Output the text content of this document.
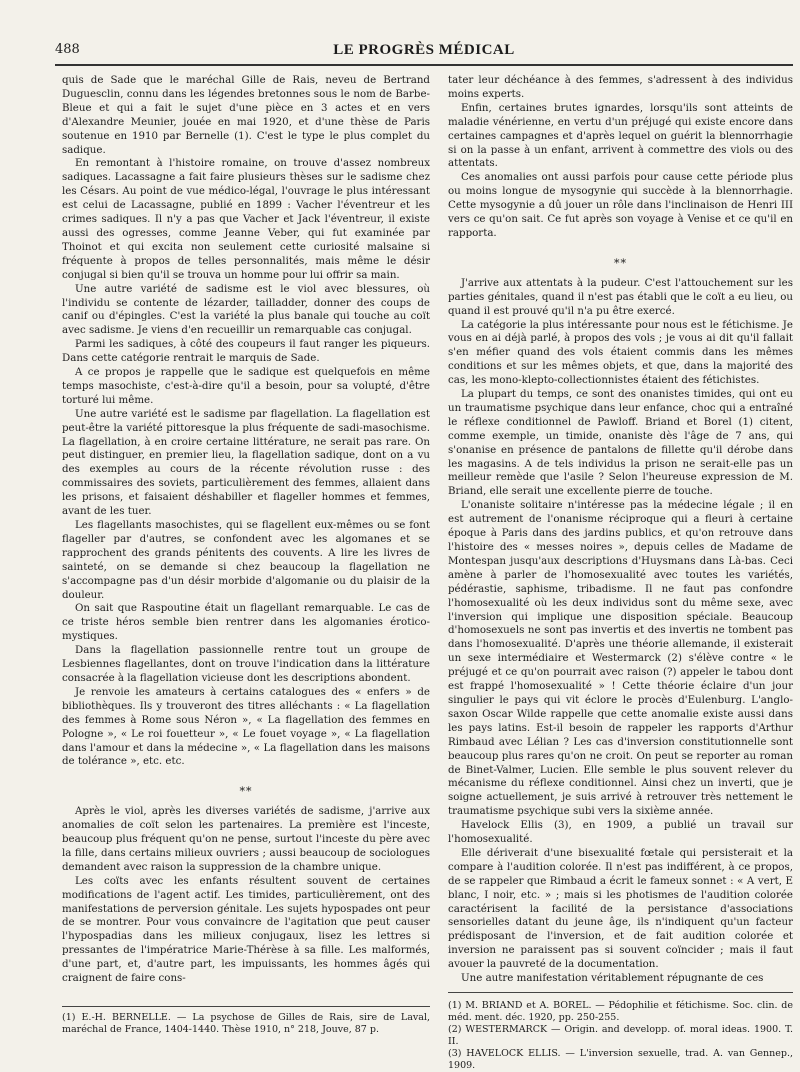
488	LE PROGRÈS MÉDICAL

quis de Sade que le maréchal Gille de Rais, neveu de Bertrand Duguesclin, connu dans les légendes bretonnes sous le nom de Barbe-Bleue et qui a fait le sujet d'une pièce en 3 actes et en vers d'Alexandre Meunier, jouée en mai 1920, et d'une thèse de Paris soutenue en 1910 par Bernelle (1). C'est le type le plus complet du sadique.

En remontant à l'histoire romaine, on trouve d'assez nombreux sadiques. Lacassagne a fait faire plusieurs thèses sur le sadisme chez les Césars. Au point de vue médico-légal, l'ouvrage le plus intéressant est celui de Lacassagne, publié en 1899 : Vacher l'éventreur et les crimes sadiques. Il n'y a pas que Vacher et Jack l'éventreur, il existe aussi des ogresses, comme Jeanne Veber, qui fut examinée par Thoinot et qui excita non seulement cette curiosité malsaine si fréquente à propos de telles personnalités, mais même le désir conjugal si bien qu'il se trouva un homme pour lui offrir sa main.

Une autre variété de sadisme est le viol avec blessures, où l'individu se contente de lézarder, tailladder, donner des coups de canif ou d'épingles. C'est la variété la plus banale qui touche au coït avec sadisme. Je viens d'en recueillir un remarquable cas conjugal.

Parmi les sadiques, à côté des coupeurs il faut ranger les piqueurs. Dans cette catégorie rentrait le marquis de Sade.

A ce propos je rappelle que le sadique est quelquefois en même temps masochiste, c'est-à-dire qu'il a besoin, pour sa volupté, d'être torturé lui même.

Une autre variété est le sadisme par flagellation. La flagellation est peut-être la variété pittoresque la plus fréquente de sadi-masochisme. La flagellation, à en croire certaine littérature, ne serait pas rare. On peut distinguer, en premier lieu, la flagellation sadique, dont on a vu des exemples au cours de la récente révolution russe : des commissaires des soviets, particulièrement des femmes, allaient dans les prisons, et faisaient déshabiller et flageller hommes et femmes, avant de les tuer.

Les flagellants masochistes, qui se flagellent eux-mêmes ou se font flageller par d'autres, se confondent avec les algomanes et se rapprochent des grands pénitents des couvents. A lire les livres de sainteté, on se demande si chez beaucoup la flagellation ne s'accompagne pas d'un désir morbide d'algomanie ou du plaisir de la douleur.

On sait que Raspoutine était un flagellant remarquable. Le cas de ce triste héros semble bien rentrer dans les algomanies érotico-mystiques.

Dans la flagellation passionnelle rentre tout un groupe de Lesbiennes flagellantes, dont on trouve l'indication dans la littérature consacrée à la flagellation vicieuse dont les descriptions abondent.

Je renvoie les amateurs à certains catalogues des « enfers » de bibliothèques. Ils y trouveront des titres alléchants : « La flagellation des femmes à Rome sous Néron », « La flagellation des femmes en Pologne », « Le roi fouetteur », « Le fouet voyage », « La flagellation dans l'amour et dans la médecine », « La flagellation dans les maisons de tolérance », etc. etc.

⁎⁎

Après le viol, après les diverses variétés de sadisme, j'arrive aux anomalies de coït selon les partenaires. La première est l'inceste, beaucoup plus fréquent qu'on ne pense, surtout l'inceste du père avec la fille, dans certains milieux ouvriers ; aussi beaucoup de sociologues demandent avec raison la suppression de la chambre unique.

Les coïts avec les enfants résultent souvent de certaines modifications de l'agent actif. Les timides, particulièrement, ont des manifestations de perversion génitale. Les sujets hypospades ont peur de se montrer. Pour vous convaincre de l'agitation que peut causer l'hypospadias dans les milieux conjugaux, lisez les lettres si pressantes de l'impératrice Marie-Thérèse à sa fille. Les malformés, d'une part, et, d'autre part, les impuissants, les hommes âgés qui craignent de faire cons-

tater leur déchéance à des femmes, s'adressent à des individus moins experts.

Enfin, certaines brutes ignardes, lorsqu'ils sont atteints de maladie vénérienne, en vertu d'un préjugé qui existe encore dans certaines campagnes et d'après lequel on guérit la blennorrhagie si on la passe à un enfant, arrivent à commettre des viols ou des attentats.

Ces anomalies ont aussi parfois pour cause cette période plus ou moins longue de mysogynie qui succède à la blennorrhagie. Cette mysogynie a dû jouer un rôle dans l'inclinaison de Henri III vers ce qu'on sait. Ce fut après son voyage à Venise et ce qu'il en rapporta.

⁎⁎

J'arrive aux attentats à la pudeur. C'est l'attouchement sur les parties génitales, quand il n'est pas établi que le coït a eu lieu, ou quand il est prouvé qu'il n'a pu être exercé.

La catégorie la plus intéressante pour nous est le fétichisme. Je vous en ai déjà parlé, à propos des vols ; je vous ai dit qu'il fallait s'en méfier quand des vols étaient commis dans les mêmes conditions et sur les mêmes objets, et que, dans la majorité des cas, les mono-klepto-collectionnistes étaient des fétichistes.

La plupart du temps, ce sont des onanistes timides, qui ont eu un traumatisme psychique dans leur enfance, choc qui a entraîné le réflexe conditionnel de Pawloff. Briand et Borel (1) citent, comme exemple, un timide, onaniste dès l'âge de 7 ans, qui s'onanise en présence de pantalons de fillette qu'il dérobe dans les magasins. A de tels individus la prison ne serait-elle pas un meilleur remède que l'asile ? Selon l'heureuse expression de M. Briand, elle serait une excellente pierre de touche.

L'onaniste solitaire n'intéresse pas la médecine légale ; il en est autrement de l'onanisme réciproque qui a fleuri à certaine époque à Paris dans des jardins publics, et qu'on retrouve dans l'histoire des « messes noires », depuis celles de Madame de Montespan jusqu'aux descriptions d'Huysmans dans Là-bas. Ceci amène à parler de l'homosexualité avec toutes les variétés, pédérastie, saphisme, tribadisme. Il ne faut pas confondre l'homosexualité où les deux individus sont du même sexe, avec l'inversion qui implique une disposition spéciale. Beaucoup d'homosexuels ne sont pas invertis et des invertis ne tombent pas dans l'homosexualité. D'après une théorie allemande, il existerait un sexe intermédiaire et Westermarck (2) s'élève contre « le préjugé et ce qu'on pourrait avec raison (?) appeler le tabou dont est frappé l'homosexualité » ! Cette théorie éclaire d'un jour singulier le pays qui vit éclore le procès d'Eulenburg. L'anglo-saxon Oscar Wilde rappelle que cette anomalie existe aussi dans les pays latins. Est-il besoin de rappeler les rapports d'Arthur Rimbaud avec Lélian ? Les cas d'inversion constitutionnelle sont beaucoup plus rares qu'on ne croit. On peut se reporter au roman de Binet-Valmer, Lucien. Elle semble le plus souvent relever du mécanisme du réflexe conditionnel. Ainsi chez un inverti, que je soigne actuellement, je suis arrivé à retrouver très nettement le traumatisme psychique subi vers la sixième année.

Havelock Ellis (3), en 1909, a publié un travail sur l'homosexualité.

Elle dériverait d'une bisexualité fœtale qui persisterait et la compare à l'audition colorée. Il n'est pas indifférent, à ce propos, de se rappeler que Rimbaud a écrit le fameux sonnet : « A vert, E blanc, I noir, etc. » ; mais si les photismes de l'audition colorée caractérisent la facilité de la persistance d'associations sensorielles datant du jeune âge, ils n'indiquent qu'un facteur prédisposant de l'inversion, et de fait audition colorée et inversion ne paraissent pas si souvent coïncider ; mais il faut avouer la pauvreté de la documentation.

Une autre manifestation véritablement répugnante de ces

(1) E.-H. BERNELLE. — La psychose de Gilles de Rais, sire de Laval, maréchal de France, 1404-1440. Thèse 1910, n° 218, Jouve, 87 p.

(1) M. BRIAND et A. BOREL. — Pédophilie et fétichisme. Soc. clin. de méd. ment. déc. 1920, pp. 250-255.

(2) WESTERMARCK — Origin. and developp. of. moral ideas. 1900. T. II.

(3) HAVELOCK ELLIS. — L'inversion sexuelle, trad. A. van Gennep., 1909.
